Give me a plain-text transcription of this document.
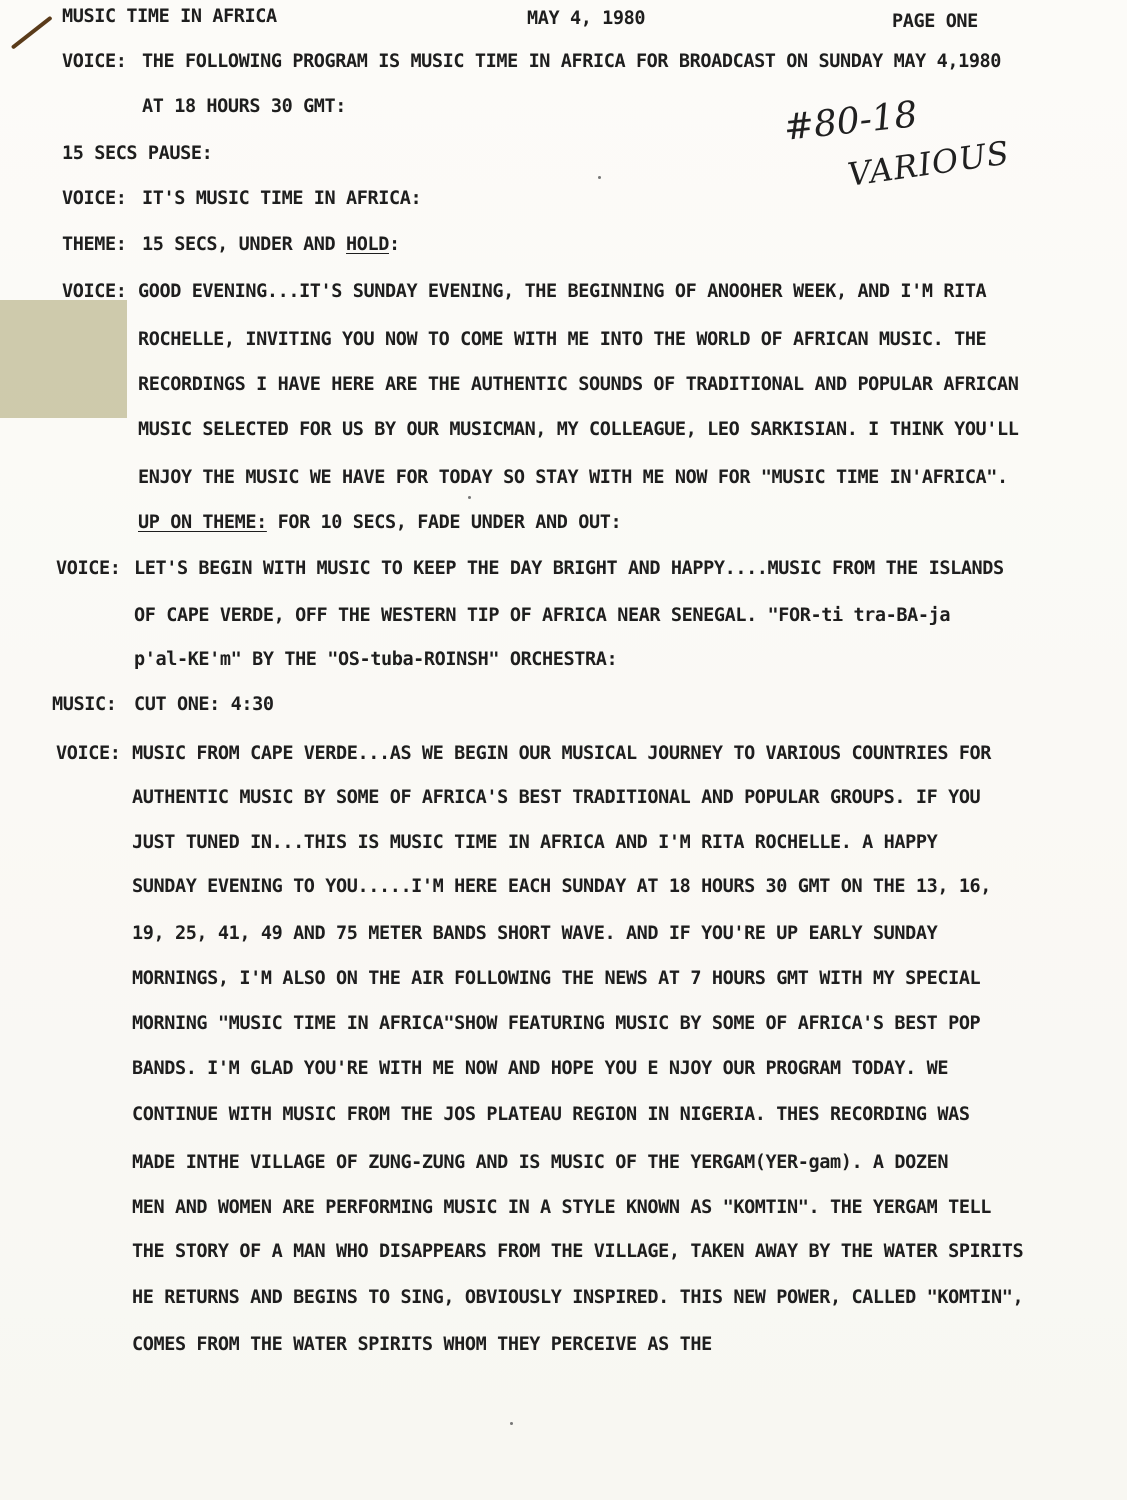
MUSIC TIME IN AFRICA	MAY 4, 1980	PAGE ONE
#80-18
VARIOUS
VOICE: THE FOLLOWING PROGRAM IS MUSIC TIME IN AFRICA FOR BROADCAST ON SUNDAY MAY 4,1980
AT 18 HOURS 30 GMT:
15 SECS PAUSE:
VOICE: IT'S MUSIC TIME IN AFRICA:
THEME: 15 SECS, UNDER AND HOLD:
VOICE: GOOD EVENING...IT'S SUNDAY EVENING, THE BEGINNING OF ANOOHER WEEK, AND I'M RITA
ROCHELLE, INVITING YOU NOW TO COME WITH ME INTO THE WORLD OF AFRICAN MUSIC. THE
RECORDINGS I HAVE HERE ARE THE AUTHENTIC SOUNDS OF TRADITIONAL AND POPULAR AFRICAN
MUSIC SELECTED FOR US BY OUR MUSICMAN, MY COLLEAGUE, LEO SARKISIAN. I THINK YOU'LL
ENJOY THE MUSIC WE HAVE FOR TODAY SO STAY WITH ME NOW FOR "MUSIC TIME IN'AFRICA".
UP ON THEME: FOR 10 SECS, FADE UNDER AND OUT:
VOICE: LET'S BEGIN WITH MUSIC TO KEEP THE DAY BRIGHT AND HAPPY....MUSIC FROM THE ISLANDS
OF CAPE VERDE, OFF THE WESTERN TIP OF AFRICA NEAR SENEGAL. "FOR-ti tra-BA-ja
p'al-KE'm" BY THE "OS-tuba-ROINSH" ORCHESTRA:
MUSIC: CUT ONE: 4:30
VOICE: MUSIC FROM CAPE VERDE...AS WE BEGIN OUR MUSICAL JOURNEY TO VARIOUS COUNTRIES FOR
AUTHENTIC MUSIC BY SOME OF AFRICA'S BEST TRADITIONAL AND POPULAR GROUPS. IF YOU
JUST TUNED IN...THIS IS MUSIC TIME IN AFRICA AND I'M RITA ROCHELLE. A HAPPY
SUNDAY EVENING TO YOU.....I'M HERE EACH SUNDAY AT 18 HOURS 30 GMT ON THE 13, 16,
19, 25, 41, 49 AND 75 METER BANDS SHORT WAVE. AND IF YOU'RE UP EARLY SUNDAY
MORNINGS, I'M ALSO ON THE AIR FOLLOWING THE NEWS AT 7 HOURS GMT WITH MY SPECIAL
MORNING "MUSIC TIME IN AFRICA"SHOW FEATURING MUSIC BY SOME OF AFRICA'S BEST POP
BANDS. I'M GLAD YOU'RE WITH ME NOW AND HOPE YOU E NJOY OUR PROGRAM TODAY. WE
CONTINUE WITH MUSIC FROM THE JOS PLATEAU REGION IN NIGERIA. THES RECORDING WAS
MADE INTHE VILLAGE OF ZUNG-ZUNG AND IS MUSIC OF THE YERGAM(YER-gam). A DOZEN
MEN AND WOMEN ARE PERFORMING MUSIC IN A STYLE KNOWN AS "KOMTIN". THE YERGAM TELL
THE STORY OF A MAN WHO DISAPPEARS FROM THE VILLAGE, TAKEN AWAY BY THE WATER SPIRITS
HE RETURNS AND BEGINS TO SING, OBVIOUSLY INSPIRED. THIS NEW POWER, CALLED "KOMTIN",
COMES FROM THE WATER SPIRITS WHOM THEY PERCEIVE AS THE
